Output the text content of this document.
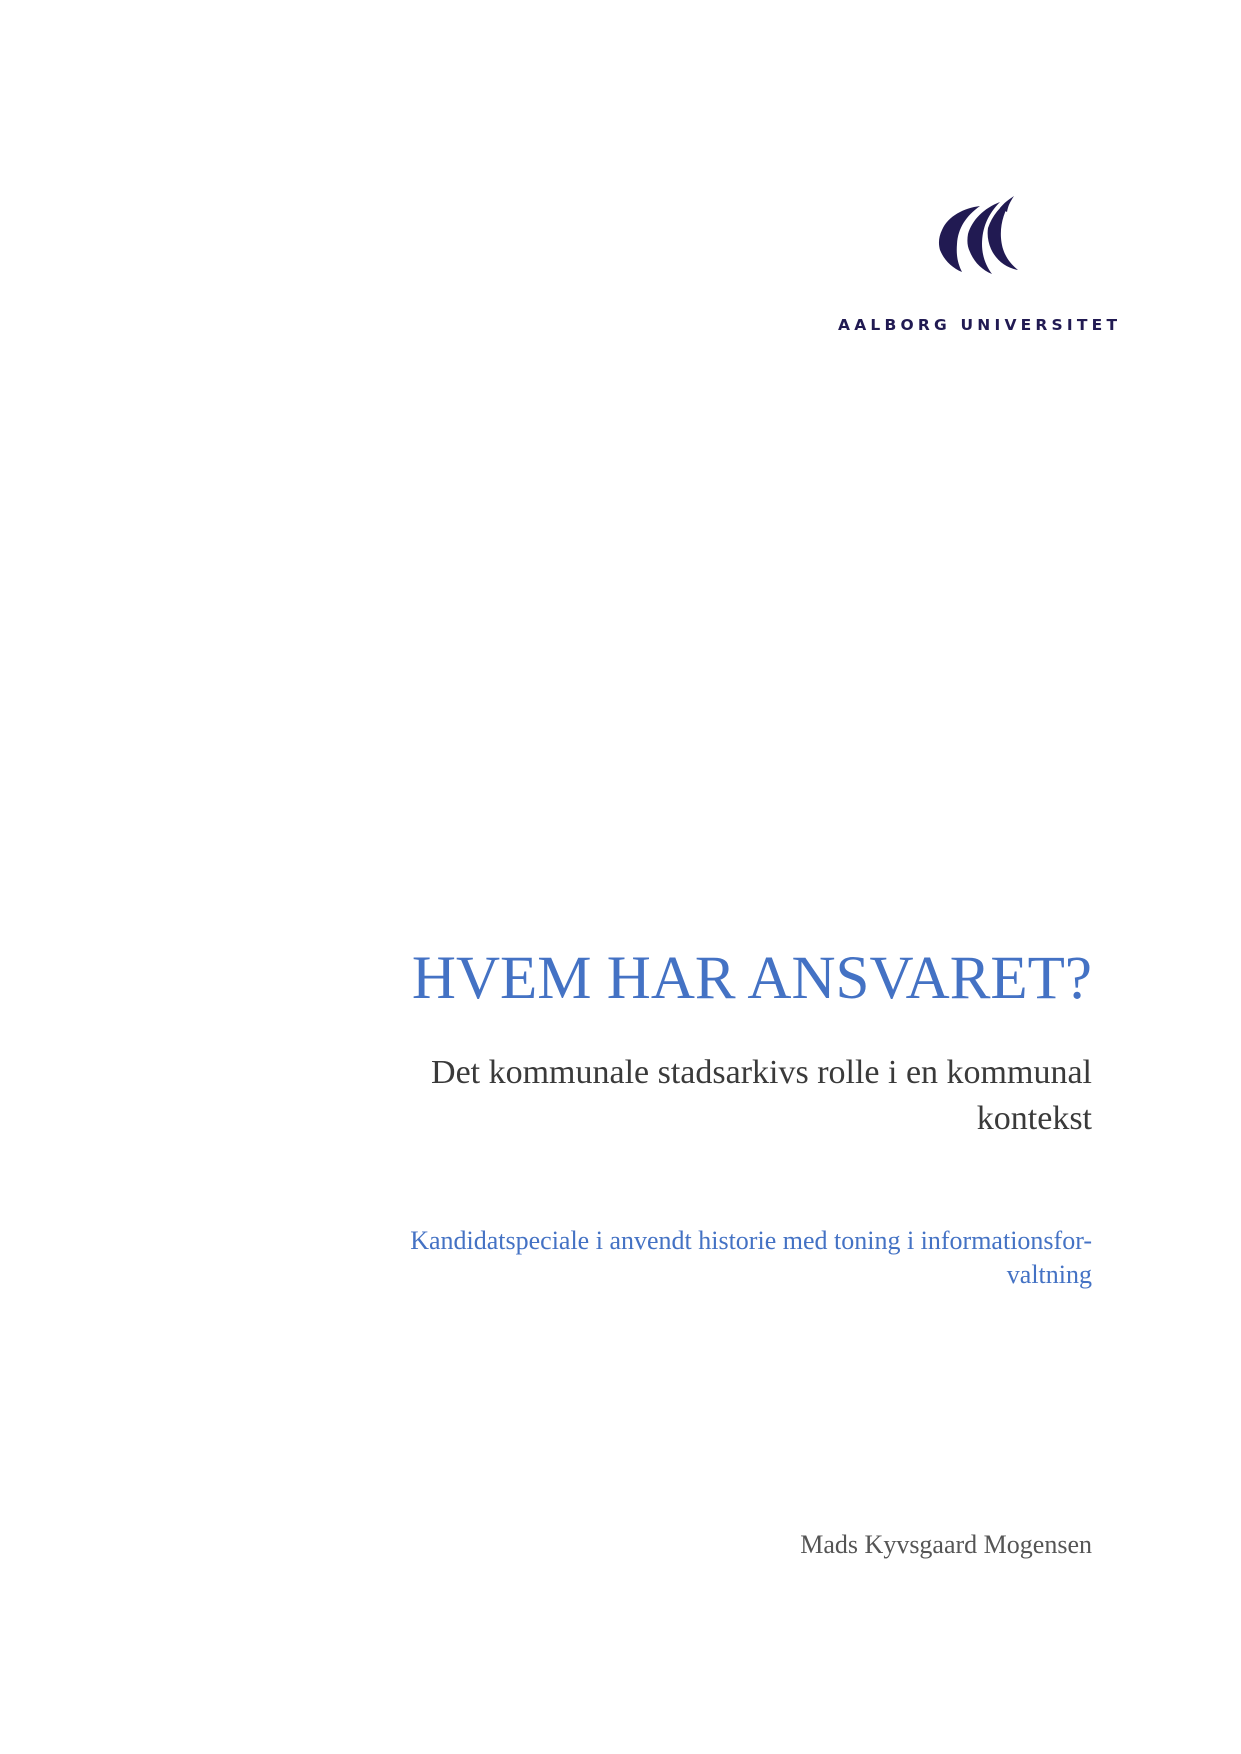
AALBORG UNIVERSITET
HVEM HAR ANSVARET?
Det kommunale stadsarkivs rolle i en kommunal
kontekst
Kandidatspeciale i anvendt historie med toning i informationsfor-
valtning
Mads Kyvsgaard Mogensen
